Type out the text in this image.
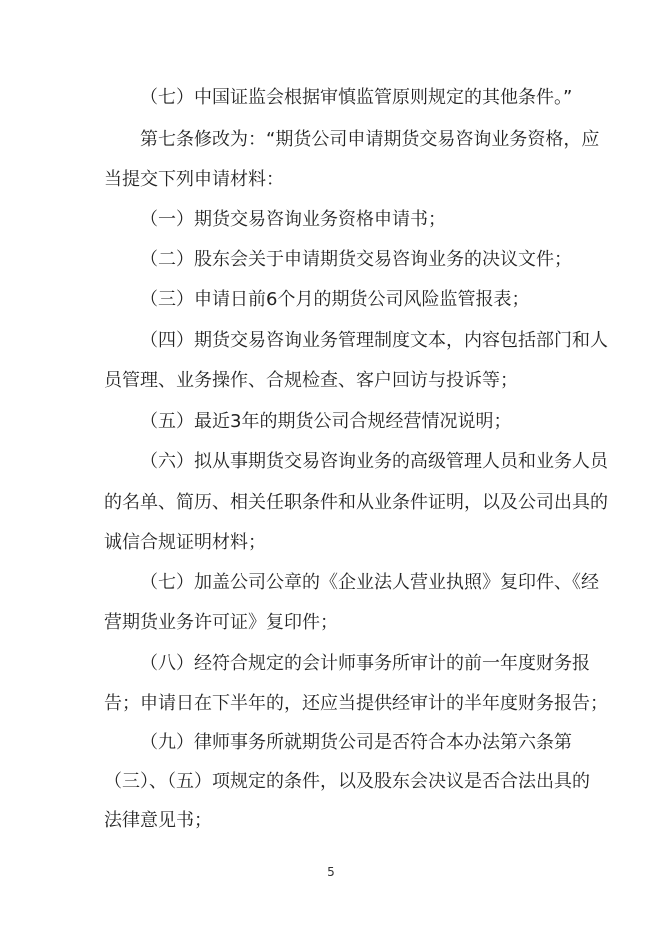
（七）中国证监会根据审慎监管原则规定的其他条件。”
第七条修改为：“期货公司申请期货交易咨询业务资格，应
当提交下列申请材料：
（一）期货交易咨询业务资格申请书；
（二）股东会关于申请期货交易咨询业务的决议文件；
（三）申请日前6个月的期货公司风险监管报表；
（四）期货交易咨询业务管理制度文本，内容包括部门和人
员管理、业务操作、合规检查、客户回访与投诉等；
（五）最近3年的期货公司合规经营情况说明；
（六）拟从事期货交易咨询业务的高级管理人员和业务人员
的名单、简历、相关任职条件和从业条件证明，以及公司出具的
诚信合规证明材料；
（七）加盖公司公章的《企业法人营业执照》复印件、《经
营期货业务许可证》复印件；
（八）经符合规定的会计师事务所审计的前一年度财务报
告；申请日在下半年的，还应当提供经审计的半年度财务报告；
（九）律师事务所就期货公司是否符合本办法第六条第
（三）、（五）项规定的条件，以及股东会决议是否合法出具的
法律意见书；
5
